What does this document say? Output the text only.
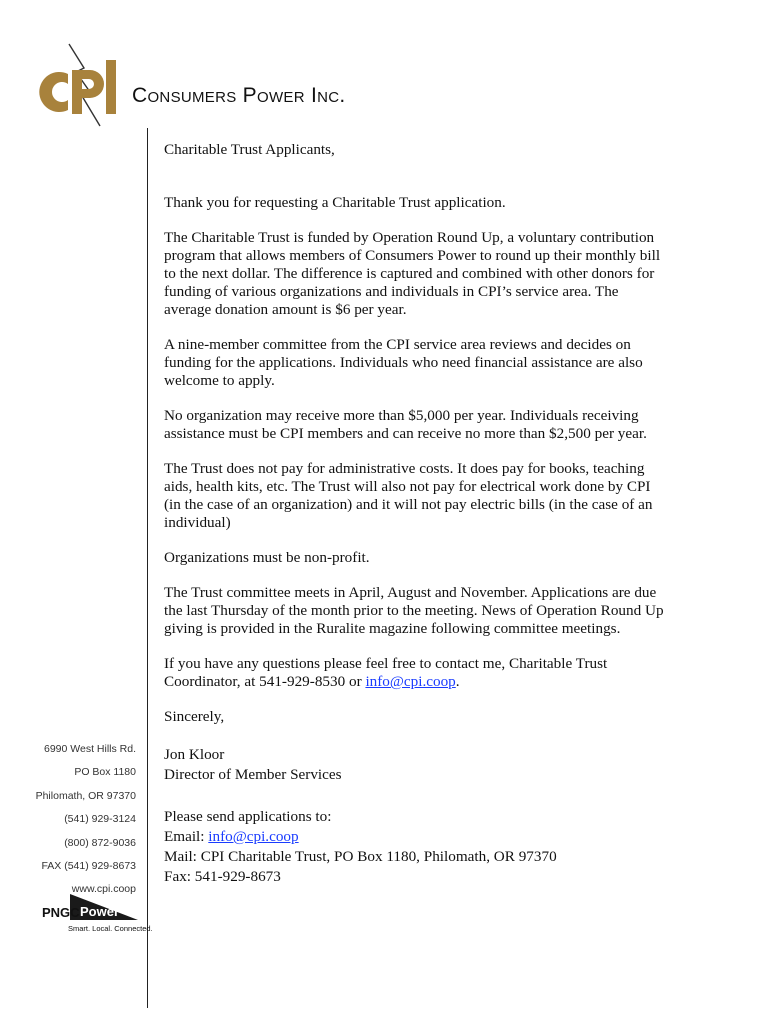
Consumers Power Inc.

Charitable Trust Applicants,

Thank you for requesting a Charitable Trust application.

The Charitable Trust is funded by Operation Round Up, a voluntary contribution program that allows members of Consumers Power to round up their monthly bill to the next dollar. The difference is captured and combined with other donors for funding of various organizations and individuals in CPI’s service area. The average donation amount is $6 per year.

A nine-member committee from the CPI service area reviews and decides on funding for the applications. Individuals who need financial assistance are also welcome to apply.

No organization may receive more than $5,000 per year. Individuals receiving assistance must be CPI members and can receive no more than $2,500 per year.

The Trust does not pay for administrative costs. It does pay for books, teaching aids, health kits, etc. The Trust will also not pay for electrical work done by CPI (in the case of an organization) and it will not pay electric bills (in the case of an individual)

Organizations must be non-profit.

The Trust committee meets in April, August and November. Applications are due the last Thursday of the month prior to the meeting. News of Operation Round Up giving is provided in the Ruralite magazine following committee meetings.

If you have any questions please feel free to contact me, Charitable Trust Coordinator, at 541-929-8530 or info@cpi.coop.

Sincerely,

Jon Kloor

Director of Member Services

Please send applications to:

Email: info@cpi.coop

Mail: CPI Charitable Trust, PO Box 1180, Philomath, OR 97370

Fax: 541-929-8673

6990 West Hills Rd.
PO Box 1180
Philomath, OR 97370
(541) 929-3124
(800) 872-9036
FAX (541) 929-8673
www.cpi.coop
PNGC Power
Smart. Local. Connected.
